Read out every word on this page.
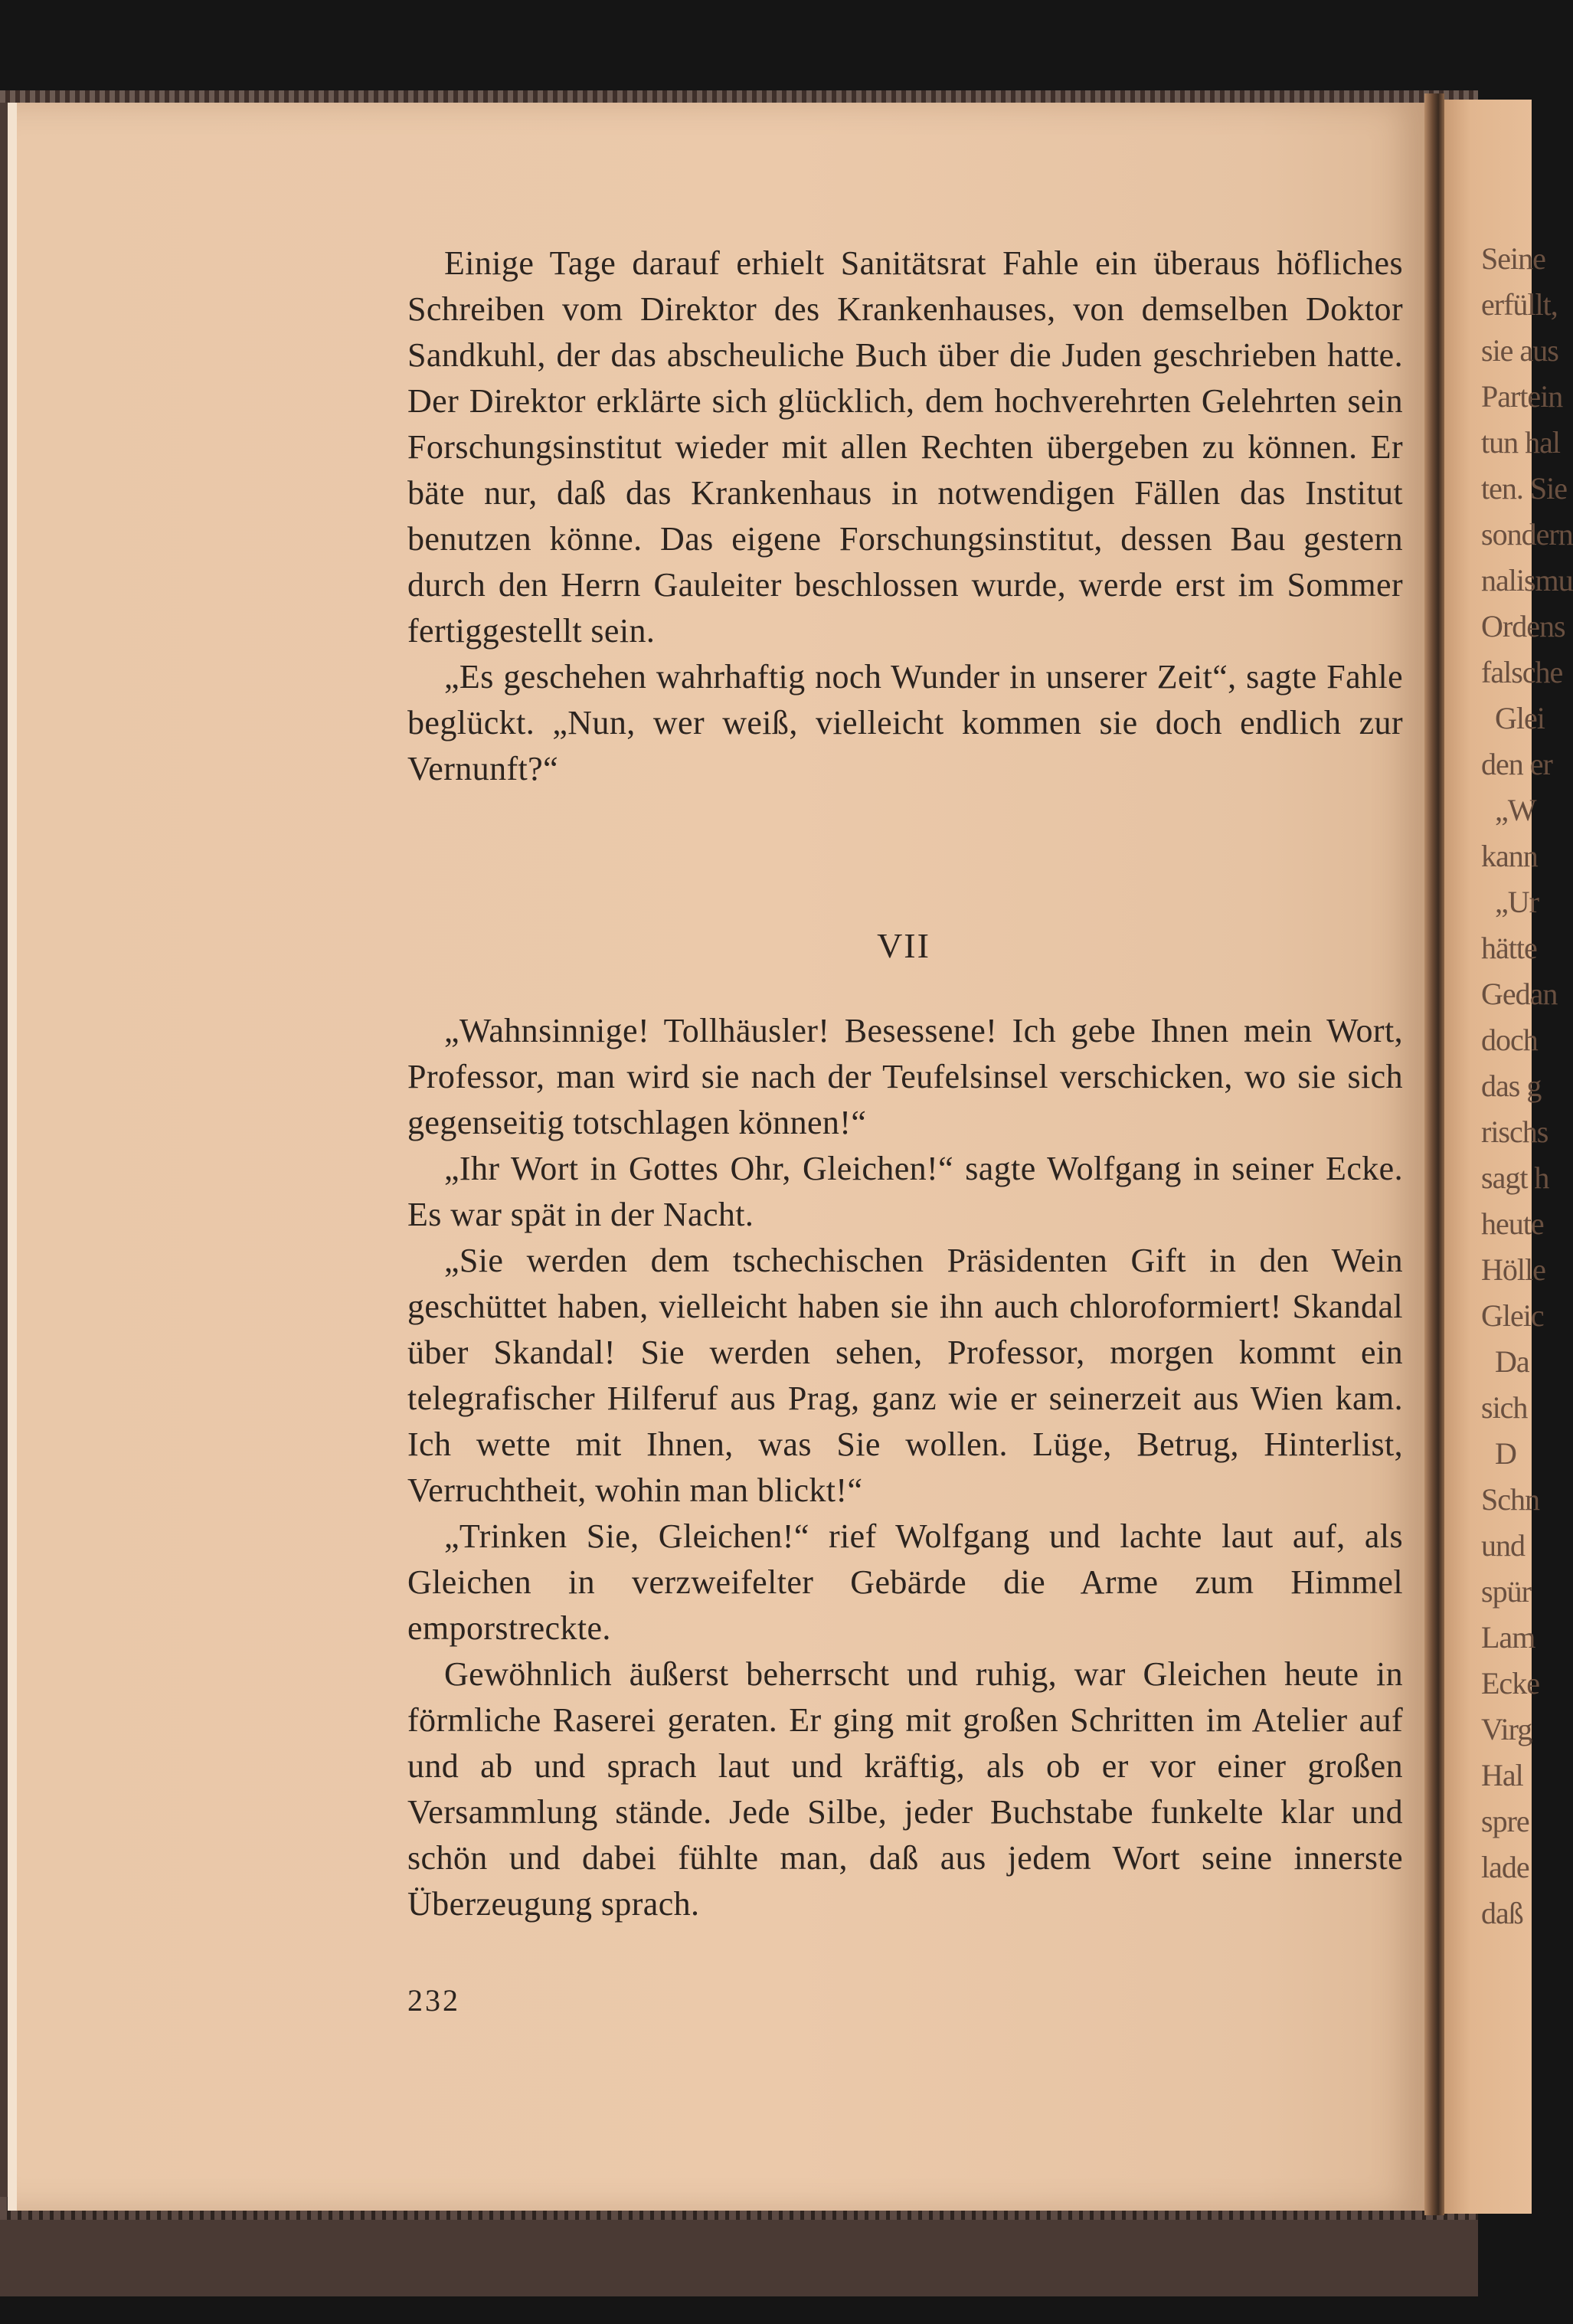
Seine
erfüllt,
sie aus
Partein
tun hal
ten. Sie
sondern
nalismu
Ordens
falsche
Glei
den er
„W
kann
„Ur
hätte
Gedan
doch
das g
rischs
sagt h
heute
Hölle
Gleic
Da
sich
D
Schn
und
spür
Lam
Ecke
Virg
Hal
spre
lade
daß

Einige Tage darauf erhielt Sanitätsrat Fahle ein überaus höfliches Schreiben vom Direktor des Krankenhauses, von demselben Doktor Sandkuhl, der das abscheuliche Buch über die Juden geschrieben hatte. Der Direktor erklärte sich glücklich, dem hochverehrten Gelehrten sein Forschungsinstitut wieder mit allen Rechten übergeben zu können. Er bäte nur, daß das Krankenhaus in notwendigen Fällen das Institut benutzen könne. Das eigene Forschungsinstitut, dessen Bau gestern durch den Herrn Gauleiter beschlossen wurde, werde erst im Sommer fertiggestellt sein.

„Es geschehen wahrhaftig noch Wunder in unserer Zeit“, sagte Fahle beglückt. „Nun, wer weiß, vielleicht kommen sie doch endlich zur Vernunft?“

VII

„Wahnsinnige! Tollhäusler! Besessene! Ich gebe Ihnen mein Wort, Professor, man wird sie nach der Teufelsinsel verschicken, wo sie sich gegenseitig totschlagen können!“

„Ihr Wort in Gottes Ohr, Gleichen!“ sagte Wolfgang in seiner Ecke. Es war spät in der Nacht.

„Sie werden dem tschechischen Präsidenten Gift in den Wein geschüttet haben, vielleicht haben sie ihn auch chloroformiert! Skandal über Skandal! Sie werden sehen, Professor, morgen kommt ein telegrafischer Hilferuf aus Prag, ganz wie er seinerzeit aus Wien kam. Ich wette mit Ihnen, was Sie wollen. Lüge, Betrug, Hinterlist, Verruchtheit, wohin man blickt!“

„Trinken Sie, Gleichen!“ rief Wolfgang und lachte laut auf, als Gleichen in verzweifelter Gebärde die Arme zum Himmel emporstreckte.

Gewöhnlich äußerst beherrscht und ruhig, war Gleichen heute in förmliche Raserei geraten. Er ging mit großen Schritten im Atelier auf und ab und sprach laut und kräftig, als ob er vor einer großen Versammlung stände. Jede Silbe, jeder Buchstabe funkelte klar und schön und dabei fühlte man, daß aus jedem Wort seine innerste Überzeugung sprach.

232
